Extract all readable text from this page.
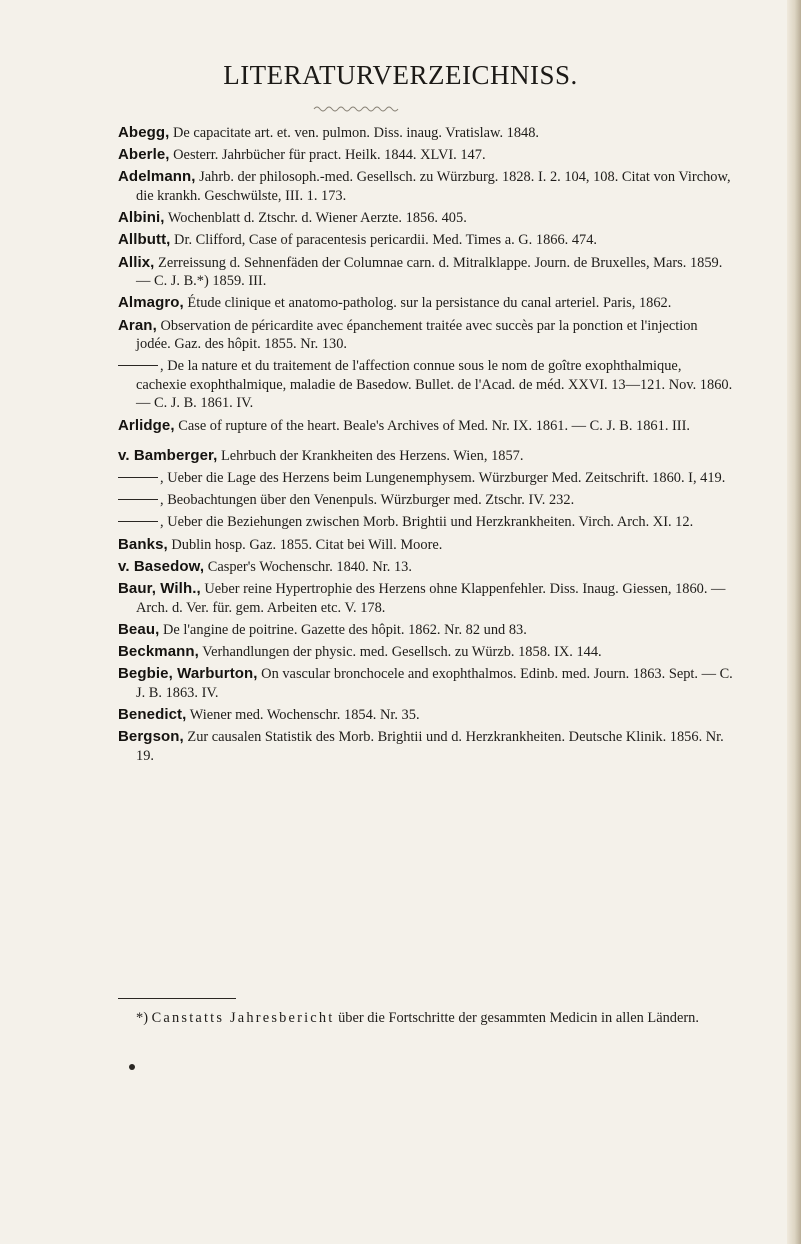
LITERATURVERZEICHNISS.
Abegg, De capacitate art. et. ven. pulmon. Diss. inaug. Vratislaw. 1848.
Aberle, Oesterr. Jahrbücher für pract. Heilk. 1844. XLVI. 147.
Adelmann, Jahrb. der philosoph.-med. Gesellsch. zu Würzburg. 1828. I. 2. 104, 108. Citat von Virchow, die krankh. Geschwülste, III. 1. 173.
Albini, Wochenblatt d. Ztschr. d. Wiener Aerzte. 1856. 405.
Allbutt, Dr. Clifford, Case of paracentesis pericardii. Med. Times a. G. 1866. 474.
Allix, Zerreissung d. Sehnenfäden der Columnae carn. d. Mitralklappe. Journ. de Bruxelles, Mars. 1859. — C. J. B.*) 1859. III.
Almagro, Étude clinique et anatomo-patholog. sur la persistance du canal arteriel. Paris, 1862.
Aran, Observation de péricardite avec épanchement traitée avec succès par la ponction et l'injection jodée. Gaz. des hôpit. 1855. Nr. 130.
, De la nature et du traitement de l'affection connue sous le nom de goître exophthalmique, cachexie exophthalmique, maladie de Basedow. Bullet. de l'Acad. de méd. XXVI. 13—121. Nov. 1860. — C. J. B. 1861. IV.
Arlidge, Case of rupture of the heart. Beale's Archives of Med. Nr. IX. 1861. — C. J. B. 1861. III.
v. Bamberger, Lehrbuch der Krankheiten des Herzens. Wien, 1857.
, Ueber die Lage des Herzens beim Lungenemphysem. Würzburger Med. Zeitschrift. 1860. I, 419.
, Beobachtungen über den Venenpuls. Würzburger med. Ztschr. IV. 232.
, Ueber die Beziehungen zwischen Morb. Brightii und Herzkrankheiten. Virch. Arch. XI. 12.
Banks, Dublin hosp. Gaz. 1855. Citat bei Will. Moore.
v. Basedow, Casper's Wochenschr. 1840. Nr. 13.
Baur, Wilh., Ueber reine Hypertrophie des Herzens ohne Klappenfehler. Diss. Inaug. Giessen, 1860. — Arch. d. Ver. für. gem. Arbeiten etc. V. 178.
Beau, De l'angine de poitrine. Gazette des hôpit. 1862. Nr. 82 und 83.
Beckmann, Verhandlungen der physic. med. Gesellsch. zu Würzb. 1858. IX. 144.
Begbie, Warburton, On vascular bronchocele and exophthalmos. Edinb. med. Journ. 1863. Sept. — C. J. B. 1863. IV.
Benedict, Wiener med. Wochenschr. 1854. Nr. 35.
Bergson, Zur causalen Statistik des Morb. Brightii und d. Herzkrankheiten. Deutsche Klinik. 1856. Nr. 19.
*) Canstatts Jahresbericht über die Fortschritte der gesammten Medicin in allen Ländern.
